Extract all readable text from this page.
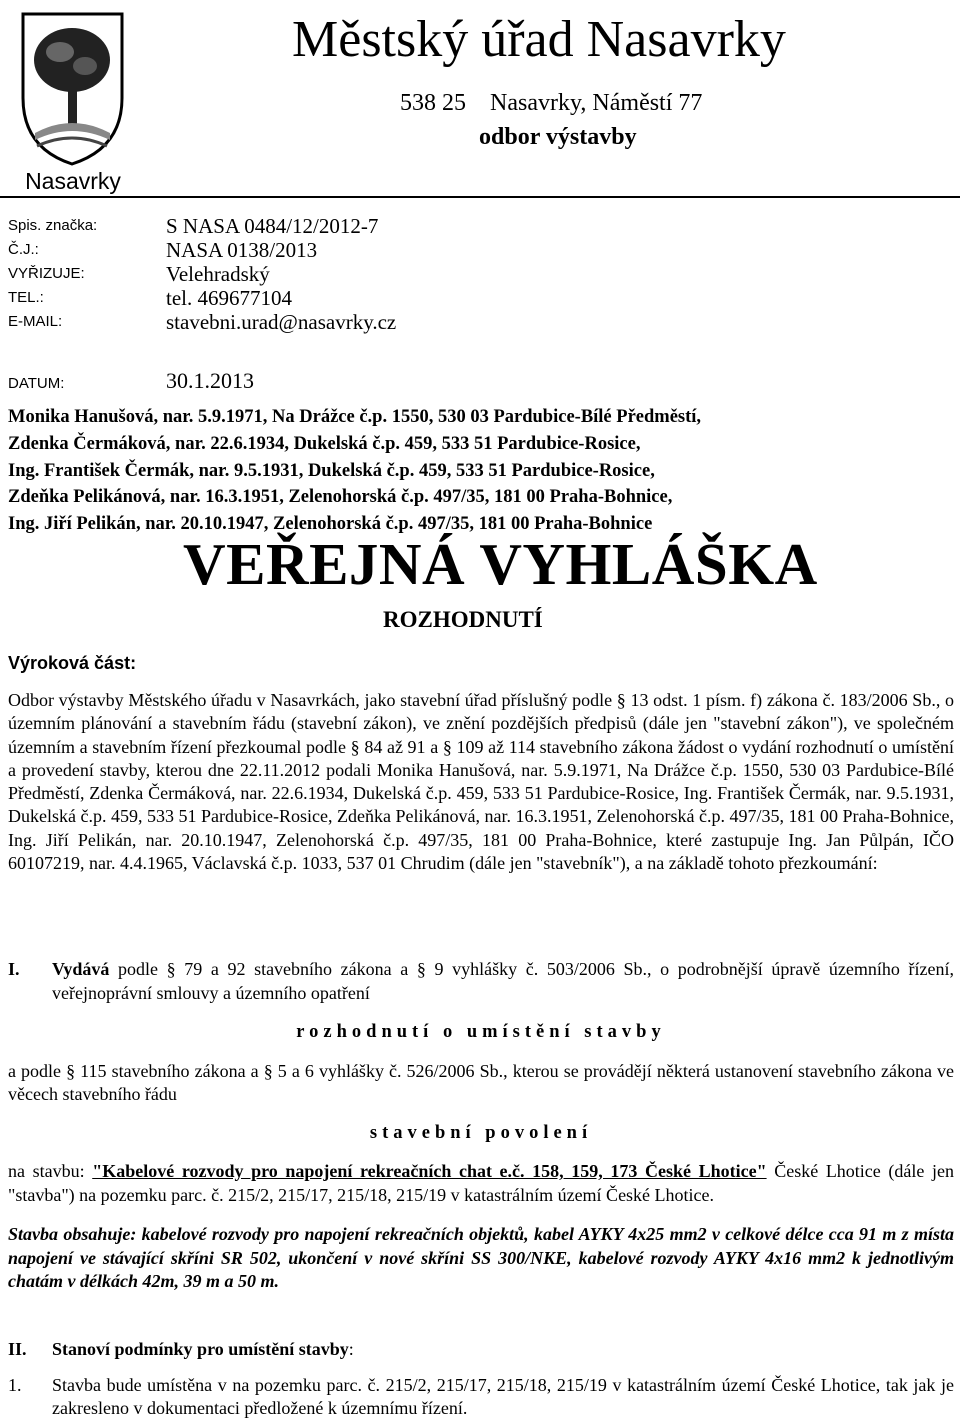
Nasavrky
Městský úřad Nasavrky
538 25    Nasavrky, Náměstí 77
odbor výstavby
Spis. značka:	S NASA 0484/12/2012-7
Č.J.:	NASA 0138/2013
VYŘIZUJE:	Velehradský
TEL.:	tel. 469677104
E-MAIL:	stavebni.urad@nasavrky.cz
DATUM:	30.1.2013
Monika Hanušová, nar. 5.9.1971, Na Drážce č.p. 1550, 530 03 Pardubice-Bílé Předměstí,
Zdenka Čermáková, nar. 22.6.1934, Dukelská č.p. 459, 533 51 Pardubice-Rosice,
Ing. František Čermák, nar. 9.5.1931, Dukelská č.p. 459, 533 51 Pardubice-Rosice,
Zdeňka Pelikánová, nar. 16.3.1951, Zelenohorská č.p. 497/35, 181 00 Praha-Bohnice,
Ing. Jiří Pelikán, nar. 20.10.1947, Zelenohorská č.p. 497/35, 181 00 Praha-Bohnice
VEŘEJNÁ VYHLÁŠKA
ROZHODNUTÍ
Výroková část:
Odbor výstavby Městského úřadu v Nasavrkách, jako stavební úřad příslušný podle § 13 odst. 1 písm. f) zákona č. 183/2006 Sb., o územním plánování a stavebním řádu (stavební zákon), ve znění pozdějších předpisů (dále jen "stavební zákon"), ve společném územním a stavebním řízení přezkoumal podle § 84 až 91 a § 109 až 114 stavebního zákona žádost o vydání rozhodnutí o umístění a provedení stavby, kterou dne 22.11.2012 podali Monika Hanušová, nar. 5.9.1971, Na Drážce č.p. 1550, 530 03 Pardubice-Bílé Předměstí, Zdenka Čermáková, nar. 22.6.1934, Dukelská č.p. 459, 533 51 Pardubice-Rosice, Ing. František Čermák, nar. 9.5.1931, Dukelská č.p. 459, 533 51 Pardubice-Rosice, Zdeňka Pelikánová, nar. 16.3.1951, Zelenohorská č.p. 497/35, 181 00 Praha-Bohnice, Ing. Jiří Pelikán, nar. 20.10.1947, Zelenohorská č.p. 497/35, 181 00 Praha-Bohnice, které zastupuje Ing. Jan Půlpán, IČO 60107219, nar. 4.4.1965, Václavská č.p. 1033, 537 01 Chrudim (dále jen "stavebník"), a na základě tohoto přezkoumání:
I. Vydává podle § 79 a 92 stavebního zákona a § 9 vyhlášky č. 503/2006 Sb., o podrobnější úpravě územního řízení, veřejnoprávní smlouvy a územního opatření
rozhodnutí o umístění stavby
a podle § 115 stavebního zákona a § 5 a 6 vyhlášky č. 526/2006 Sb., kterou se provádějí některá ustanovení stavebního zákona ve věcech stavebního řádu
stavební povolení
na stavbu: "Kabelové rozvody pro napojení rekreačních chat e.č. 158, 159, 173 České Lhotice" České Lhotice (dále jen "stavba") na pozemku parc. č. 215/2, 215/17, 215/18, 215/19 v katastrálním území České Lhotice.
Stavba obsahuje: kabelové rozvody pro napojení rekreačních objektů, kabel AYKY 4x25 mm2 v celkové délce cca 91 m z místa napojení ve stávající skříni SR 502, ukončení v nové skříni SS 300/NKE, kabelové rozvody AYKY 4x16 mm2 k jednotlivým chatám v délkách 42m, 39 m a 50 m.
II. Stanoví podmínky pro umístění stavby:
1. Stavba bude umístěna v na pozemku parc. č. 215/2, 215/17, 215/18, 215/19 v katastrálním území České Lhotice, tak jak je zakresleno v dokumentaci předložené k územnímu řízení.
